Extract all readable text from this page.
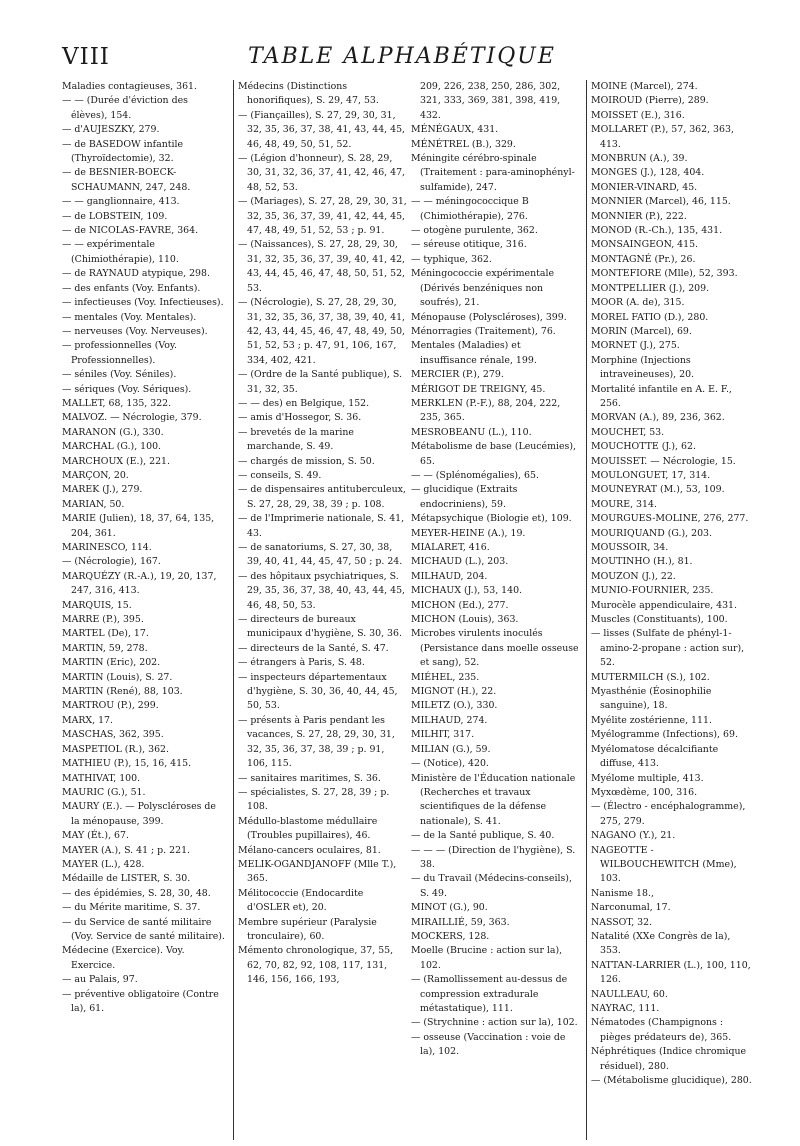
VIII	TABLE ALPHABÉTIQUE

Maladies contagieuses, 361.

— — (Durée d'éviction des élèves), 154.

— d'AUJESZKY, 279.

— de BASEDOW infantile (Thyroïdectomie), 32.

— de BESNIER-BOECK-SCHAUMANN, 247, 248.

— — ganglionnaire, 413.

— de LOBSTEIN, 109.

— de NICOLAS-FAVRE, 364.

— — expérimentale (Chimiothérapie), 110.

— de RAYNAUD atypique, 298.

— des enfants (Voy. Enfants).

— infectieuses (Voy. Infectieuses).

— mentales (Voy. Mentales).

— nerveuses (Voy. Nerveuses).

— professionnelles (Voy. Professionnelles).

— séniles (Voy. Séniles).

— sériques (Voy. Sériques).

MALLET, 68, 135, 322.

MALVOZ. — Nécrologie, 379.

MARANON (G.), 330.

MARCHAL (G.), 100.

MARCHOUX (E.), 221.

MARÇON, 20.

MAREK (J.), 279.

MARIAN, 50.

MARIE (Julien), 18, 37, 64, 135, 204, 361.

MARINESCO, 114.

— (Nécrologie), 167.

MARQUÉZY (R.-A.), 19, 20, 137, 247, 316, 413.

MARQUIS, 15.

MARRE (P.), 395.

MARTEL (De), 17.

MARTIN, 59, 278.

MARTIN (Eric), 202.

MARTIN (Louis), S. 27.

MARTIN (René), 88, 103.

MARTROU (P.), 299.

MARX, 17.

MASCHAS, 362, 395.

MASPETIOL (R.), 362.

MATHIEU (P.), 15, 16, 415.

MATHIVAT, 100.

MAURIC (G.), 51.

MAURY (E.). — Polyscléroses de la ménopause, 399.

MAY (Ét.), 67.

MAYER (A.), S. 41 ; p. 221.

MAYER (L.), 428.

Médaille de LISTER, S. 30.

— des épidémies, S. 28, 30, 48.

— du Mérite maritime, S. 37.

— du Service de santé militaire (Voy. Service de santé militaire).

Médecine (Exercice). Voy. Exercice.

— au Palais, 97.

— préventive obligatoire (Contre la), 61.

Médecins (Distinctions honorifiques), S. 29, 47, 53.

— (Fiançailles), S. 27, 29, 30, 31, 32, 35, 36, 37, 38, 41, 43, 44, 45, 46, 48, 49, 50, 51, 52.

— (Légion d'honneur), S. 28, 29, 30, 31, 32, 36, 37, 41, 42, 46, 47, 48, 52, 53.

— (Mariages), S. 27, 28, 29, 30, 31, 32, 35, 36, 37, 39, 41, 42, 44, 45, 47, 48, 49, 51, 52, 53 ; p. 91.

— (Naissances), S. 27, 28, 29, 30, 31, 32, 35, 36, 37, 39, 40, 41, 42, 43, 44, 45, 46, 47, 48, 50, 51, 52, 53.

— (Nécrologie), S. 27, 28, 29, 30, 31, 32, 35, 36, 37, 38, 39, 40, 41, 42, 43, 44, 45, 46, 47, 48, 49, 50, 51, 52, 53 ; p. 47, 91, 106, 167, 334, 402, 421.

— (Ordre de la Santé publique), S. 31, 32, 35.

— — des) en Belgique, 152.

— amis d'Hossegor, S. 36.

— brevetés de la marine marchande, S. 49.

— chargés de mission, S. 50.

— conseils, S. 49.

— de dispensaires antituberculeux, S. 27, 28, 29, 38, 39 ; p. 108.

— de l'Imprimerie nationale, S. 41, 43.

— de sanatoriums, S. 27, 30, 38, 39, 40, 41, 44, 45, 47, 50 ; p. 24.

— des hôpitaux psychiatriques, S. 29, 35, 36, 37, 38, 40, 43, 44, 45, 46, 48, 50, 53.

— directeurs de bureaux municipaux d'hygiène, S. 30, 36.

— directeurs de la Santé, S. 47.

— étrangers à Paris, S. 48.

— inspecteurs départementaux d'hygiène, S. 30, 36, 40, 44, 45, 50, 53.

— présents à Paris pendant les vacances, S. 27, 28, 29, 30, 31, 32, 35, 36, 37, 38, 39 ; p. 91, 106, 115.

— sanitaires maritimes, S. 36.

— spécialistes, S. 27, 28, 39 ; p. 108.

Médullo-blastome médullaire (Troubles pupillaires), 46.

Mélano-cancers oculaires, 81.

MELIK-OGANDJANOFF (Mlle T.), 365.

Mélitococcie (Endocardite d'OSLER et), 20.

Membre supérieur (Paralysie tronculaire), 60.

Mémento chronologique, 37, 55, 62, 70, 82, 92, 108, 117, 131, 146, 156, 166, 193,

209, 226, 238, 250, 286, 302, 321, 333, 369, 381, 398, 419, 432.

MÉNÉGAUX, 431.

MÉNÉTREL (B.), 329.

Méningite cérébro-spinale (Traitement : para-aminophényl-sulfamide), 247.

— — méningococcique B (Chimiothérapie), 276.

— otogène purulente, 362.

— séreuse otitique, 316.

— typhique, 362.

Méningococcie expérimentale (Dérivés benzéniques non soufrés), 21.

Ménopause (Polyscléroses), 399.

Ménorragies (Traitement), 76.

Mentales (Maladies) et insuffisance rénale, 199.

MERCIER (P.), 279.

MÉRIGOT DE TREIGNY, 45.

MERKLEN (P.-F.), 88, 204, 222, 235, 365.

MESROBEANU (L.), 110.

Métabolisme de base (Leucémies), 65.

— — (Splénomégalies), 65.

— glucidique (Extraits endocriniens), 59.

Métapsychique (Biologie et), 109.

MEYER-HEINE (A.), 19.

MIALARET, 416.

MICHAUD (L.), 203.

MILHAUD, 204.

MICHAUX (J.), 53, 140.

MICHON (Ed.), 277.

MICHON (Louis), 363.

Microbes virulents inoculés (Persistance dans moelle osseuse et sang), 52.

MIÉHEL, 235.

MIGNOT (H.), 22.

MILETZ (O.), 330.

MILHAUD, 274.

MILHIT, 317.

MILIAN (G.), 59.

— (Notice), 420.

Ministère de l'Éducation nationale (Recherches et travaux scientifiques de la défense nationale), S. 41.

— de la Santé publique, S. 40.

— — — (Direction de l'hygiène), S. 38.

— du Travail (Médecins-conseils), S. 49.

MINOT (G.), 90.

MIRAILLIÉ, 59, 363.

MOCKERS, 128.

Moelle (Brucine : action sur la), 102.

— (Ramollissement au-dessus de compression extradurale métastatique), 111.

— (Strychnine : action sur la), 102.

— osseuse (Vaccination : voie de la), 102.

MOINE (Marcel), 274.

MOIROUD (Pierre), 289.

MOISSET (E.), 316.

MOLLARET (P.), 57, 362, 363, 413.

MONBRUN (A.), 39.

MONGES (J.), 128, 404.

MONIER-VINARD, 45.

MONNIER (Marcel), 46, 115.

MONNIER (P.), 222.

MONOD (R.-Ch.), 135, 431.

MONSAINGEON, 415.

MONTAGNÉ (Pr.), 26.

MONTEFIORE (Mlle), 52, 393.

MONTPELLIER (J.), 209.

MOOR (A. de), 315.

MOREL FATIO (D.), 280.

MORIN (Marcel), 69.

MORNET (J.), 275.

Morphine (Injections intraveineuses), 20.

Mortalité infantile en A. E. F., 256.

MORVAN (A.), 89, 236, 362.

MOUCHET, 53.

MOUCHOTTE (J.), 62.

MOUISSET. — Nécrologie, 15.

MOULONGUET, 17, 314.

MOUNEYRAT (M.), 53, 109.

MOURE, 314.

MOURGUES-MOLINE, 276, 277.

MOURIQUAND (G.), 203.

MOUSSOIR, 34.

MOUTINHO (H.), 81.

MOUZON (J.), 22.

MUNIO-FOURNIER, 235.

Murocèle appendiculaire, 431.

Muscles (Constituants), 100.

— lisses (Sulfate de phényl-1-amino-2-propane : action sur), 52.

MUTERMILCH (S.), 102.

Myasthénie (Éosinophilie sanguine), 18.

Myélite zostérienne, 111.

Myélogramme (Infections), 69.

Myélomatose décalcifiante diffuse, 413.

Myélome multiple, 413.

Myxœdème, 100, 316.

— (Électro - encéphalogramme), 275, 279.

NAGANO (Y.), 21.

NAGEOTTE - WILBOUCHEWITCH (Mme), 103.

Nanisme 18.,

Narconumal, 17.

NASSOT, 32.

Natalité (XXe Congrès de la), 353.

NATTAN-LARRIER (L.), 100, 110, 126.

NAULLEAU, 60.

NAYRAC, 111.

Nématodes (Champignons : pièges prédateurs de), 365.

Néphrétiques (Indice chromique résiduel), 280.

— (Métabolisme glucidique), 280.
